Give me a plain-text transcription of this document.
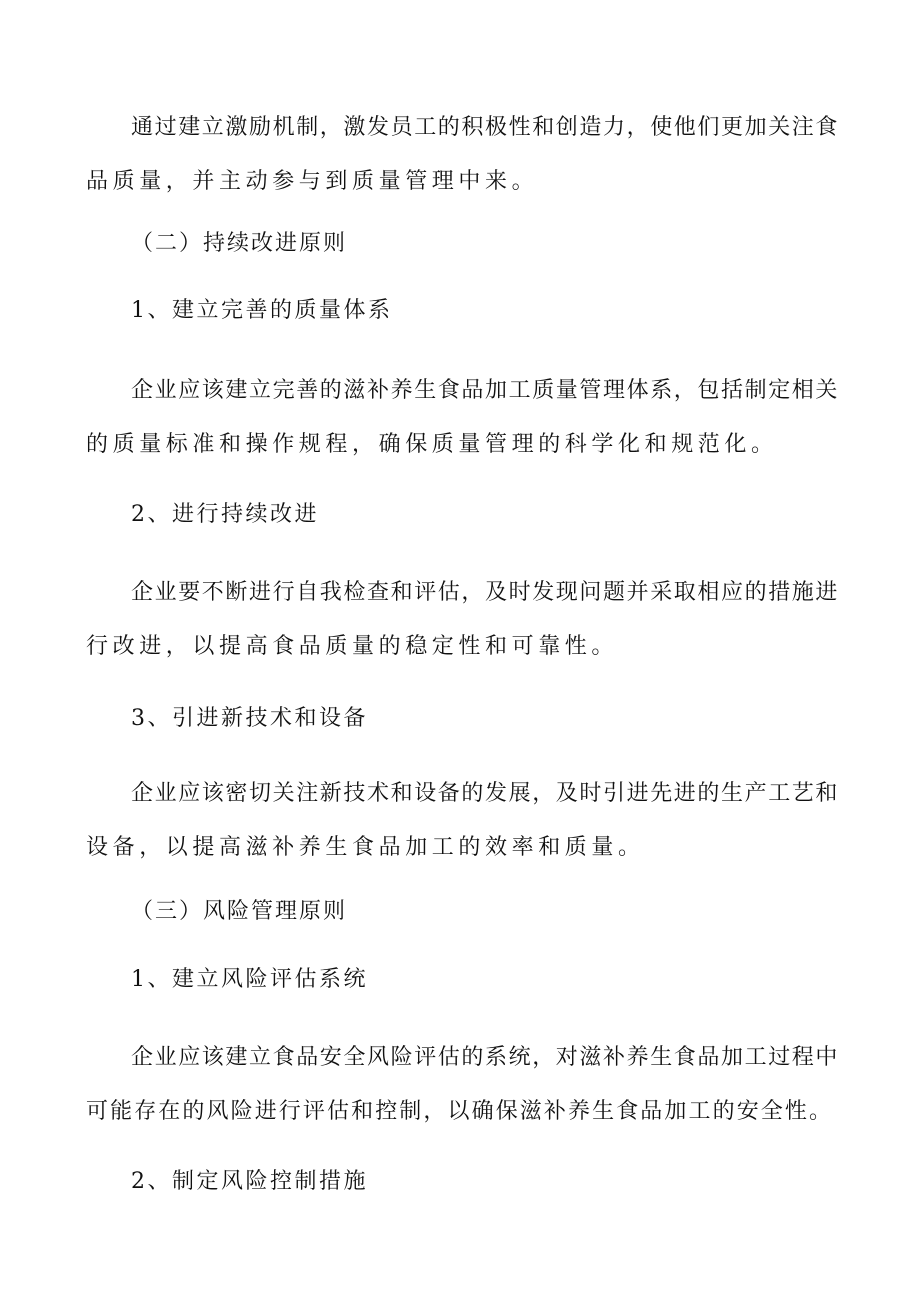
通过建立激励机制，激发员工的积极性和创造力，使他们更加关注食
品质量，并主动参与到质量管理中来。
（二）持续改进原则
1、建立完善的质量体系
企业应该建立完善的滋补养生食品加工质量管理体系，包括制定相关
的质量标准和操作规程，确保质量管理的科学化和规范化。
2、进行持续改进
企业要不断进行自我检查和评估，及时发现问题并采取相应的措施进
行改进，以提高食品质量的稳定性和可靠性。
3、引进新技术和设备
企业应该密切关注新技术和设备的发展，及时引进先进的生产工艺和
设备，以提高滋补养生食品加工的效率和质量。
（三）风险管理原则
1、建立风险评估系统
企业应该建立食品安全风险评估的系统，对滋补养生食品加工过程中
可能存在的风险进行评估和控制，以确保滋补养生食品加工的安全性。
2、制定风险控制措施
